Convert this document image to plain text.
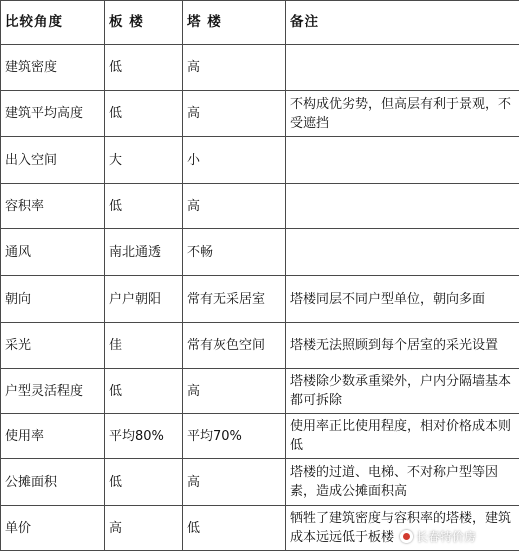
比较角度	板 楼	塔 楼	备注
建筑密度	低	高	
建筑平均高度	低	高	不构成优劣势，但高层有利于景观，不受遮挡
出入空间	大	小	
容积率	低	高	
通风	南北通透	不畅	
朝向	户户朝阳	常有无采居室	塔楼同层不同户型单位，朝向多面
采光	佳	常有灰色空间	塔楼无法照顾到每个居室的采光设置
户型灵活程度	低	高	塔楼除少数承重梁外，户内分隔墙基本都可拆除
使用率	平均80%	平均70%	使用率正比使用程度，相对价格成本则低
公摊面积	低	高	塔楼的过道、电梯、不对称户型等因素，造成公摊面积高
单价	高	低	牺牲了建筑密度与容积率的塔楼，建筑成本远远低于板楼 长春特价房
